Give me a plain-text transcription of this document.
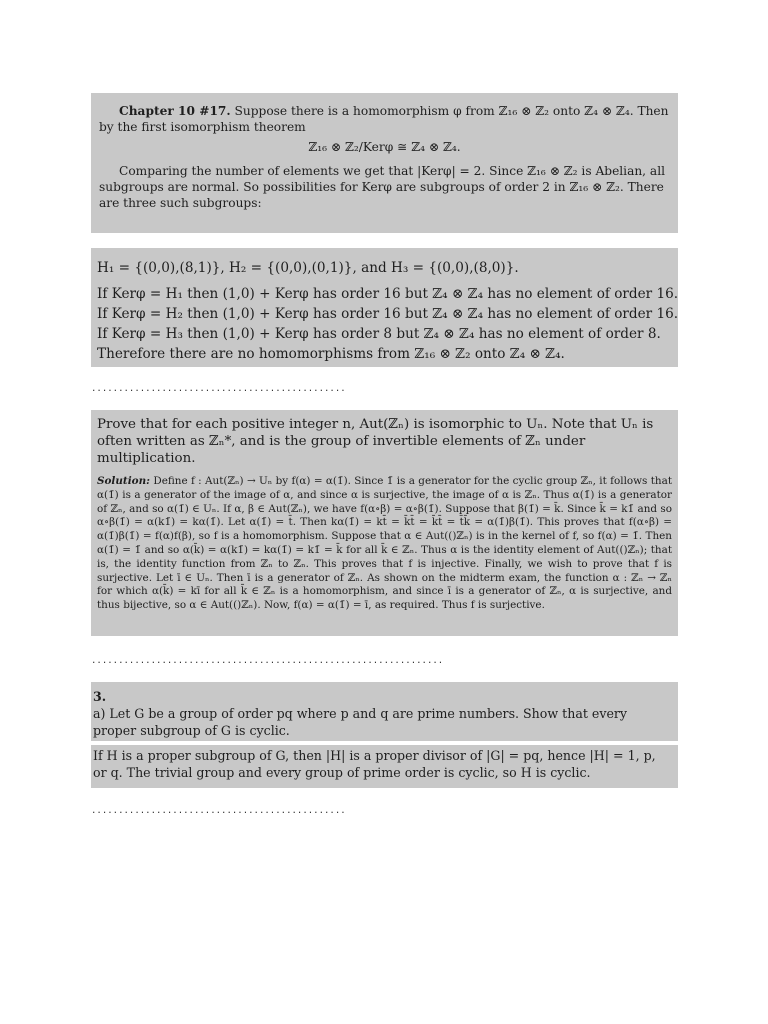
Chapter 10 #17. Suppose there is a homomorphism φ from ℤ₁₆ ⊗ ℤ₂ onto ℤ₄ ⊗ ℤ₄. Then by the first isomorphism theorem

ℤ₁₆ ⊗ ℤ₂/Kerφ ≅ ℤ₄ ⊗ ℤ₄.

Comparing the number of elements we get that |Kerφ| = 2. Since ℤ₁₆ ⊗ ℤ₂ is Abelian, all subgroups are normal. So possibilities for Kerφ are subgroups of order 2 in ℤ₁₆ ⊗ ℤ₂. There are three such subgroups:

H₁ = {(0,0),(8,1)}, H₂ = {(0,0),(0,1)}, and H₃ = {(0,0),(8,0)}.
If Kerφ = H₁ then (1,0) + Kerφ has order 16 but ℤ₄ ⊗ ℤ₄ has no element of order 16.
If Kerφ = H₂ then (1,0) + Kerφ has order 16 but ℤ₄ ⊗ ℤ₄ has no element of order 16.
If Kerφ = H₃ then (1,0) + Kerφ has order 8 but ℤ₄ ⊗ ℤ₄ has no element of order 8.
Therefore there are no homomorphisms from ℤ₁₆ ⊗ ℤ₂ onto ℤ₄ ⊗ ℤ₄.
...............................................

Prove that for each positive integer n, Aut(ℤₙ) is isomorphic to Uₙ. Note that Uₙ is often written as ℤₙ*, and is the group of invertible elements of ℤₙ under multiplication.

Solution: Define f : Aut(ℤₙ) → Uₙ by f(α) = α(1̄). Since 1̄ is a generator for the cyclic group ℤₙ, it follows that α(1̄) is a generator of the image of α, and since α is surjective, the image of α is ℤₙ. Thus α(1̄) is a generator of ℤₙ, and so α(1̄) ∈ Uₙ. If α, β ∈ Aut(ℤₙ), we have f(α∘β) = α∘β(1̄). Suppose that β(1̄) = k̄. Since k̄ = k1̄ and so α∘β(1̄) = α(k1̄) = kα(1̄). Let α(1̄) = t̄. Then kα(1̄) = kt̄ = k̄t̄ = k̄t̄ = t̄k̄ = α(1̄)β(1̄). This proves that f(α∘β) = α(1̄)β(1̄) = f(α)f(β), so f is a homomorphism. Suppose that α ∈ Aut(()ℤₙ) is in the kernel of f, so f(α) = 1̄. Then α(1̄) = 1̄ and so α(k̄) = α(k1̄) = kα(1̄) = k1̄ = k̄ for all k̄ ∈ ℤₙ. Thus α is the identity element of Aut(()ℤₙ); that is, the identity function from ℤₙ to ℤₙ. This proves that f is injective. Finally, we wish to prove that f is surjective. Let ī ∈ Uₙ. Then ī is a generator of ℤₙ. As shown on the midterm exam, the function α : ℤₙ → ℤₙ for which α(k̄) = kī for all k̄ ∈ ℤₙ is a homomorphism, and since ī is a generator of ℤₙ, α is surjective, and thus bijective, so α ∈ Aut(()ℤₙ). Now, f(α) = α(1̄) = ī, as required. Thus f is surjective.

.................................................................

3.

a) Let G be a group of order pq where p and q are prime numbers. Show that every proper subgroup of G is cyclic.
If H is a proper subgroup of G, then |H| is a proper divisor of |G| = pq, hence |H| = 1, p, or q. The trivial group and every group of prime order is cyclic, so H is cyclic.
...............................................
